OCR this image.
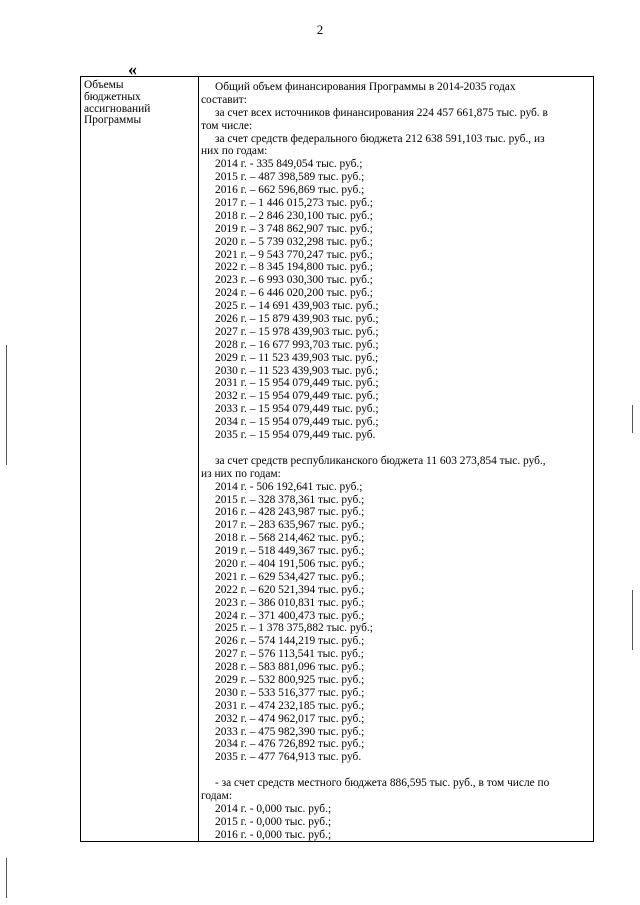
2
«
Объемы
бюджетных
ассигнований
Программы
Общий объем финансирования Программы в 2014-2035 годах
составит:
за счет всех источников финансирования 224 457 661,875 тыс. руб. в
том числе:
за счет средств федерального бюджета 212 638 591,103 тыс. руб., из
них по годам:
2014 г. - 335 849,054 тыс. руб.;
2015 г. – 487 398,589 тыс. руб.;
2016 г. – 662 596,869 тыс. руб.;
2017 г. – 1 446 015,273 тыс. руб.;
2018 г. – 2 846 230,100 тыс. руб.;
2019 г. – 3 748 862,907 тыс. руб.;
2020 г. – 5 739 032,298 тыс. руб.;
2021 г. – 9 543 770,247 тыс. руб.;
2022 г. – 8 345 194,800 тыс. руб.;
2023 г. – 6 993 030,300 тыс. руб.;
2024 г. – 6 446 020,200 тыс. руб.;
2025 г. – 14 691 439,903 тыс. руб.;
2026 г. – 15 879 439,903 тыс. руб.;
2027 г. – 15 978 439,903 тыс. руб.;
2028 г. – 16 677 993,703 тыс. руб.;
2029 г. – 11 523 439,903 тыс. руб.;
2030 г. – 11 523 439,903 тыс. руб.;
2031 г. – 15 954 079,449 тыс. руб.;
2032 г. – 15 954 079,449 тыс. руб.;
2033 г. – 15 954 079,449 тыс. руб.;
2034 г. – 15 954 079,449 тыс. руб.;
2035 г. – 15 954 079,449 тыс. руб.
за счет средств республиканского бюджета 11 603 273,854 тыс. руб.,
из них по годам:
2014 г. - 506 192,641 тыс. руб.;
2015 г. – 328 378,361 тыс. руб.;
2016 г. – 428 243,987 тыс. руб.;
2017 г. – 283 635,967 тыс. руб.;
2018 г. – 568 214,462 тыс. руб.;
2019 г. – 518 449,367 тыс. руб.;
2020 г. – 404 191,506 тыс. руб.;
2021 г. – 629 534,427 тыс. руб.;
2022 г. – 620 521,394 тыс. руб.;
2023 г. – 386 010,831 тыс. руб.;
2024 г. – 371 400,473 тыс. руб.;
2025 г. – 1 378 375,882 тыс. руб.;
2026 г. – 574 144,219 тыс. руб.;
2027 г. – 576 113,541 тыс. руб.;
2028 г. – 583 881,096 тыс. руб.;
2029 г. – 532 800,925 тыс. руб.;
2030 г. – 533 516,377 тыс. руб.;
2031 г. – 474 232,185 тыс. руб.;
2032 г. – 474 962,017 тыс. руб.;
2033 г. – 475 982,390 тыс. руб.;
2034 г. – 476 726,892 тыс. руб.;
2035 г. – 477 764,913 тыс. руб.
- за счет средств местного бюджета 886,595 тыс. руб., в том числе по
годам:
2014 г. - 0,000 тыс. руб.;
2015 г. - 0,000 тыс. руб.;
2016 г. - 0,000 тыс. руб.;
